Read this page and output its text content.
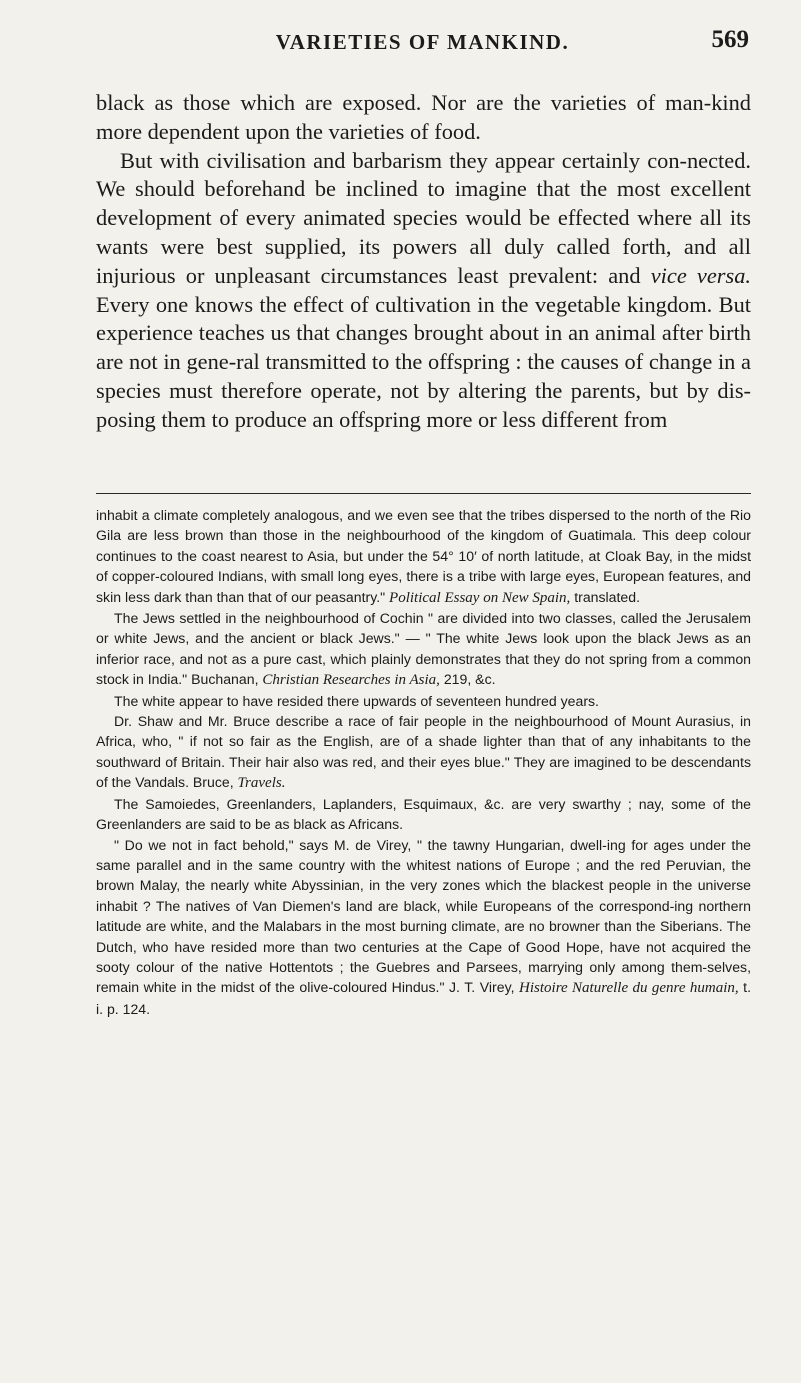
VARIETIES OF MANKIND.	569

black as those which are exposed. Nor are the varieties of man-kind more dependent upon the varieties of food.

But with civilisation and barbarism they appear certainly con-nected. We should beforehand be inclined to imagine that the most excellent development of every animated species would be effected where all its wants were best supplied, its powers all duly called forth, and all injurious or unpleasant circumstances least prevalent: and vice versa. Every one knows the effect of cultivation in the vegetable kingdom. But experience teaches us that changes brought about in an animal after birth are not in gene-ral transmitted to the offspring : the causes of change in a species must therefore operate, not by altering the parents, but by dis-posing them to produce an offspring more or less different from

inhabit a climate completely analogous, and we even see that the tribes dispersed to the north of the Rio Gila are less brown than those in the neighbourhood of the kingdom of Guatimala. This deep colour continues to the coast nearest to Asia, but under the 54° 10′ of north latitude, at Cloak Bay, in the midst of copper-coloured Indians, with small long eyes, there is a tribe with large eyes, European features, and skin less dark than than that of our peasantry." Political Essay on New Spain, translated.

The Jews settled in the neighbourhood of Cochin " are divided into two classes, called the Jerusalem or white Jews, and the ancient or black Jews." — " The white Jews look upon the black Jews as an inferior race, and not as a pure cast, which plainly demonstrates that they do not spring from a common stock in India." Buchanan, Christian Researches in Asia, 219, &c.

The white appear to have resided there upwards of seventeen hundred years.

Dr. Shaw and Mr. Bruce describe a race of fair people in the neighbourhood of Mount Aurasius, in Africa, who, " if not so fair as the English, are of a shade lighter than that of any inhabitants to the southward of Britain. Their hair also was red, and their eyes blue." They are imagined to be descendants of the Vandals. Bruce, Travels.

The Samoiedes, Greenlanders, Laplanders, Esquimaux, &c. are very swarthy ; nay, some of the Greenlanders are said to be as black as Africans.

" Do we not in fact behold," says M. de Virey, " the tawny Hungarian, dwell-ing for ages under the same parallel and in the same country with the whitest nations of Europe ; and the red Peruvian, the brown Malay, the nearly white Abyssinian, in the very zones which the blackest people in the universe inhabit ? The natives of Van Diemen's land are black, while Europeans of the correspond-ing northern latitude are white, and the Malabars in the most burning climate, are no browner than the Siberians. The Dutch, who have resided more than two centuries at the Cape of Good Hope, have not acquired the sooty colour of the native Hottentots ; the Guebres and Parsees, marrying only among them-selves, remain white in the midst of the olive-coloured Hindus." J. T. Virey, Histoire Naturelle du genre humain, t. i. p. 124.
